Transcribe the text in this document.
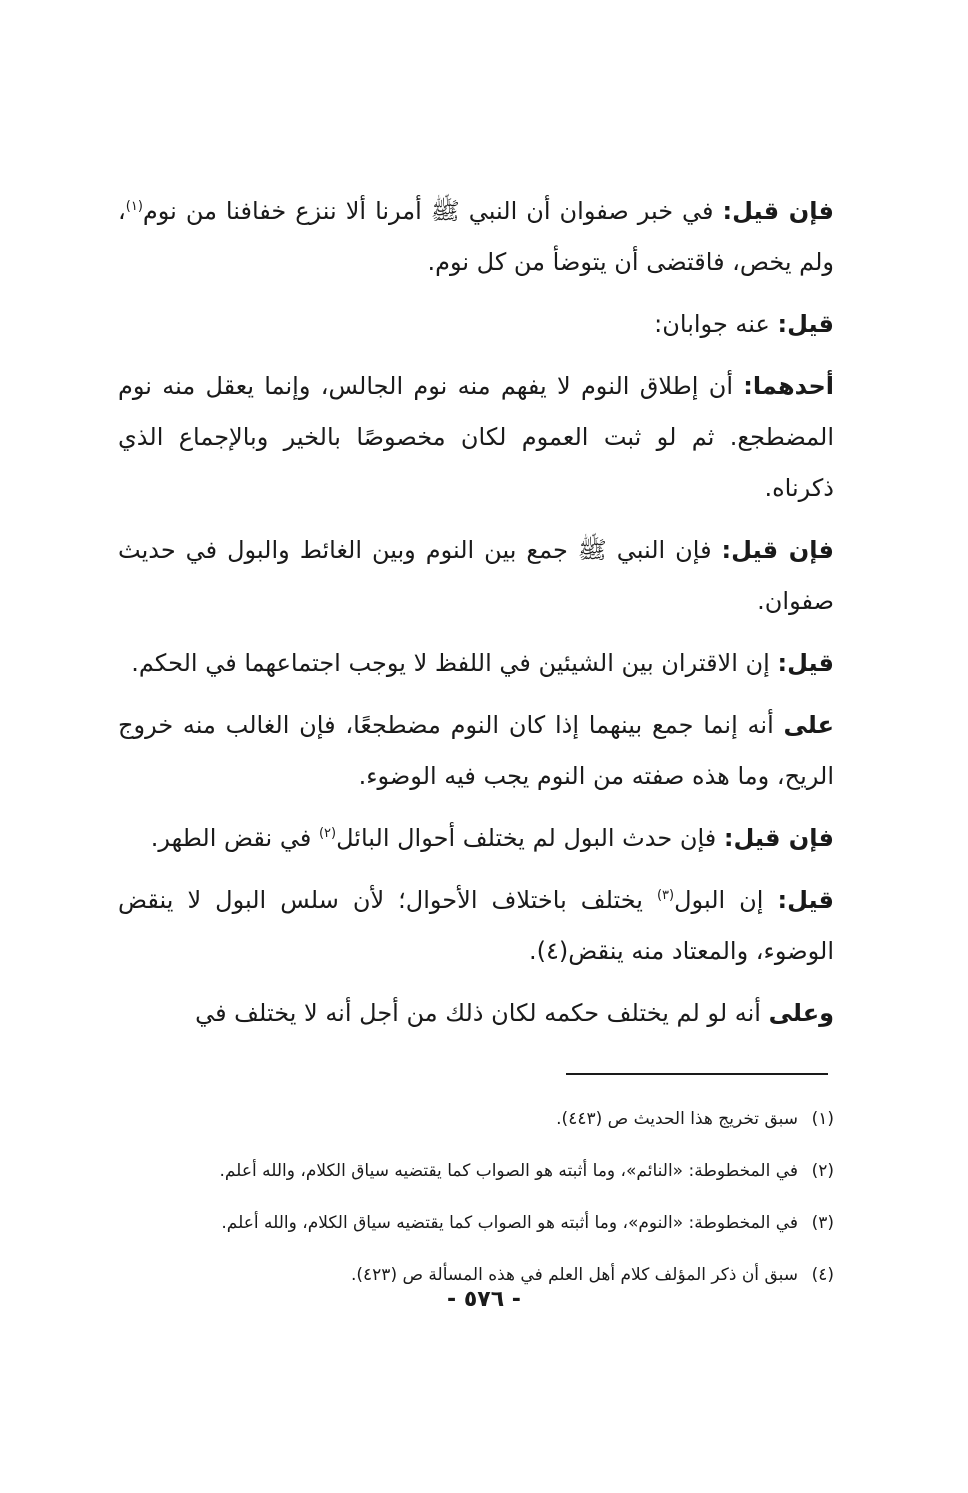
فإن قيل: في خبر صفوان أن النبي ﷺ أمرنا ألا ننزع خفافنا من نوم$^{(١)}$، ولم يخص، فاقتضى أن يتوضأ من كل نوم.

قيل: عنه جوابان:

أحدهما: أن إطلاق النوم لا يفهم منه نوم الجالس، وإنما يعقل منه نوم المضطجع. ثم لو ثبت العموم لكان مخصوصًا بالخير وبالإجماع الذي ذكرناه.

فإن قيل: فإن النبي ﷺ جمع بين النوم وبين الغائط والبول في حديث صفوان.

قيل: إن الاقتران بين الشيئين في اللفظ لا يوجب اجتماعهما في الحكم.

على أنه إنما جمع بينهما إذا كان النوم مضطجعًا، فإن الغالب منه خروج الريح، وما هذه صفته من النوم يجب فيه الوضوء.

فإن قيل: فإن حدث البول لم يختلف أحوال البائل$^{(٢)}$ في نقض الطهر.

قيل: إن البول$^{(٣)}$ يختلف باختلاف الأحوال؛ لأن سلس البول لا ينقض الوضوء، والمعتاد منه ينقض(٤).

وعلى أنه لو لم يختلف حكمه لكان ذلك من أجل أنه لا يختلف في

(١)سبق تخريج هذا الحديث ص (٤٤٣).
(٢)في المخطوطة: «النائم»، وما أثبته هو الصواب كما يقتضيه سياق الكلام، والله أعلم.
(٣)في المخطوطة: «النوم»، وما أثبته هو الصواب كما يقتضيه سياق الكلام، والله أعلم.
(٤)سبق أن ذكر المؤلف كلام أهل العلم في هذه المسألة ص (٤٢٣).
- ٥٧٦ -
